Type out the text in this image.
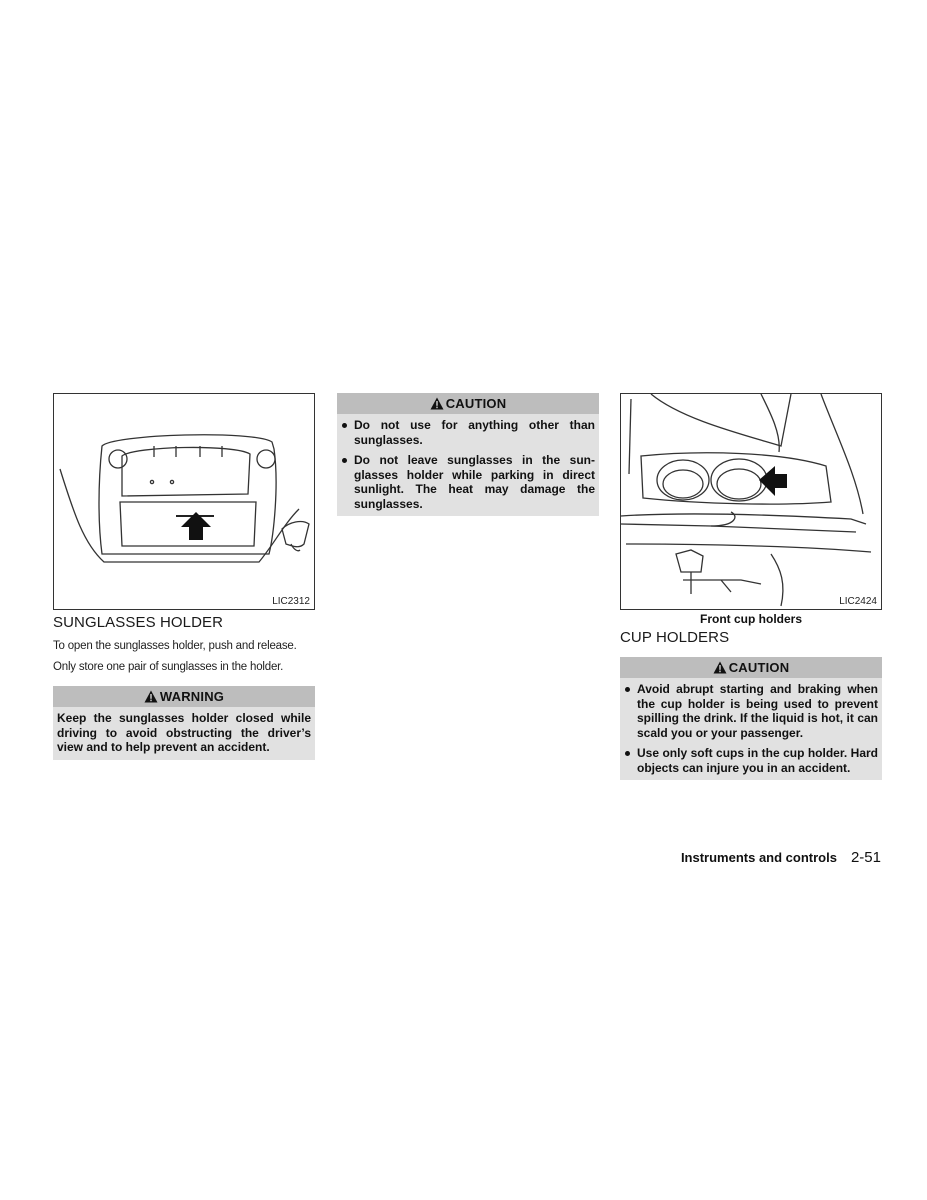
LIC2312
SUNGLASSES HOLDER
To open the sunglasses holder, push and release.
Only store one pair of sunglasses in the holder.
WARNING
Keep the sunglasses holder closed while driving to avoid obstructing the driver’s view and to help prevent an accident.
CAUTION
Do not use for anything other than sunglasses.
Do not leave sunglasses in the sun-glasses holder while parking in direct sunlight. The heat may damage the sunglasses.
LIC2424
Front cup holders
CUP HOLDERS
CAUTION
Avoid abrupt starting and braking when the cup holder is being used to prevent spilling the drink. If the liquid is hot, it can scald you or your passenger.
Use only soft cups in the cup holder. Hard objects can injure you in an accident.
Instruments and controls 2-51
